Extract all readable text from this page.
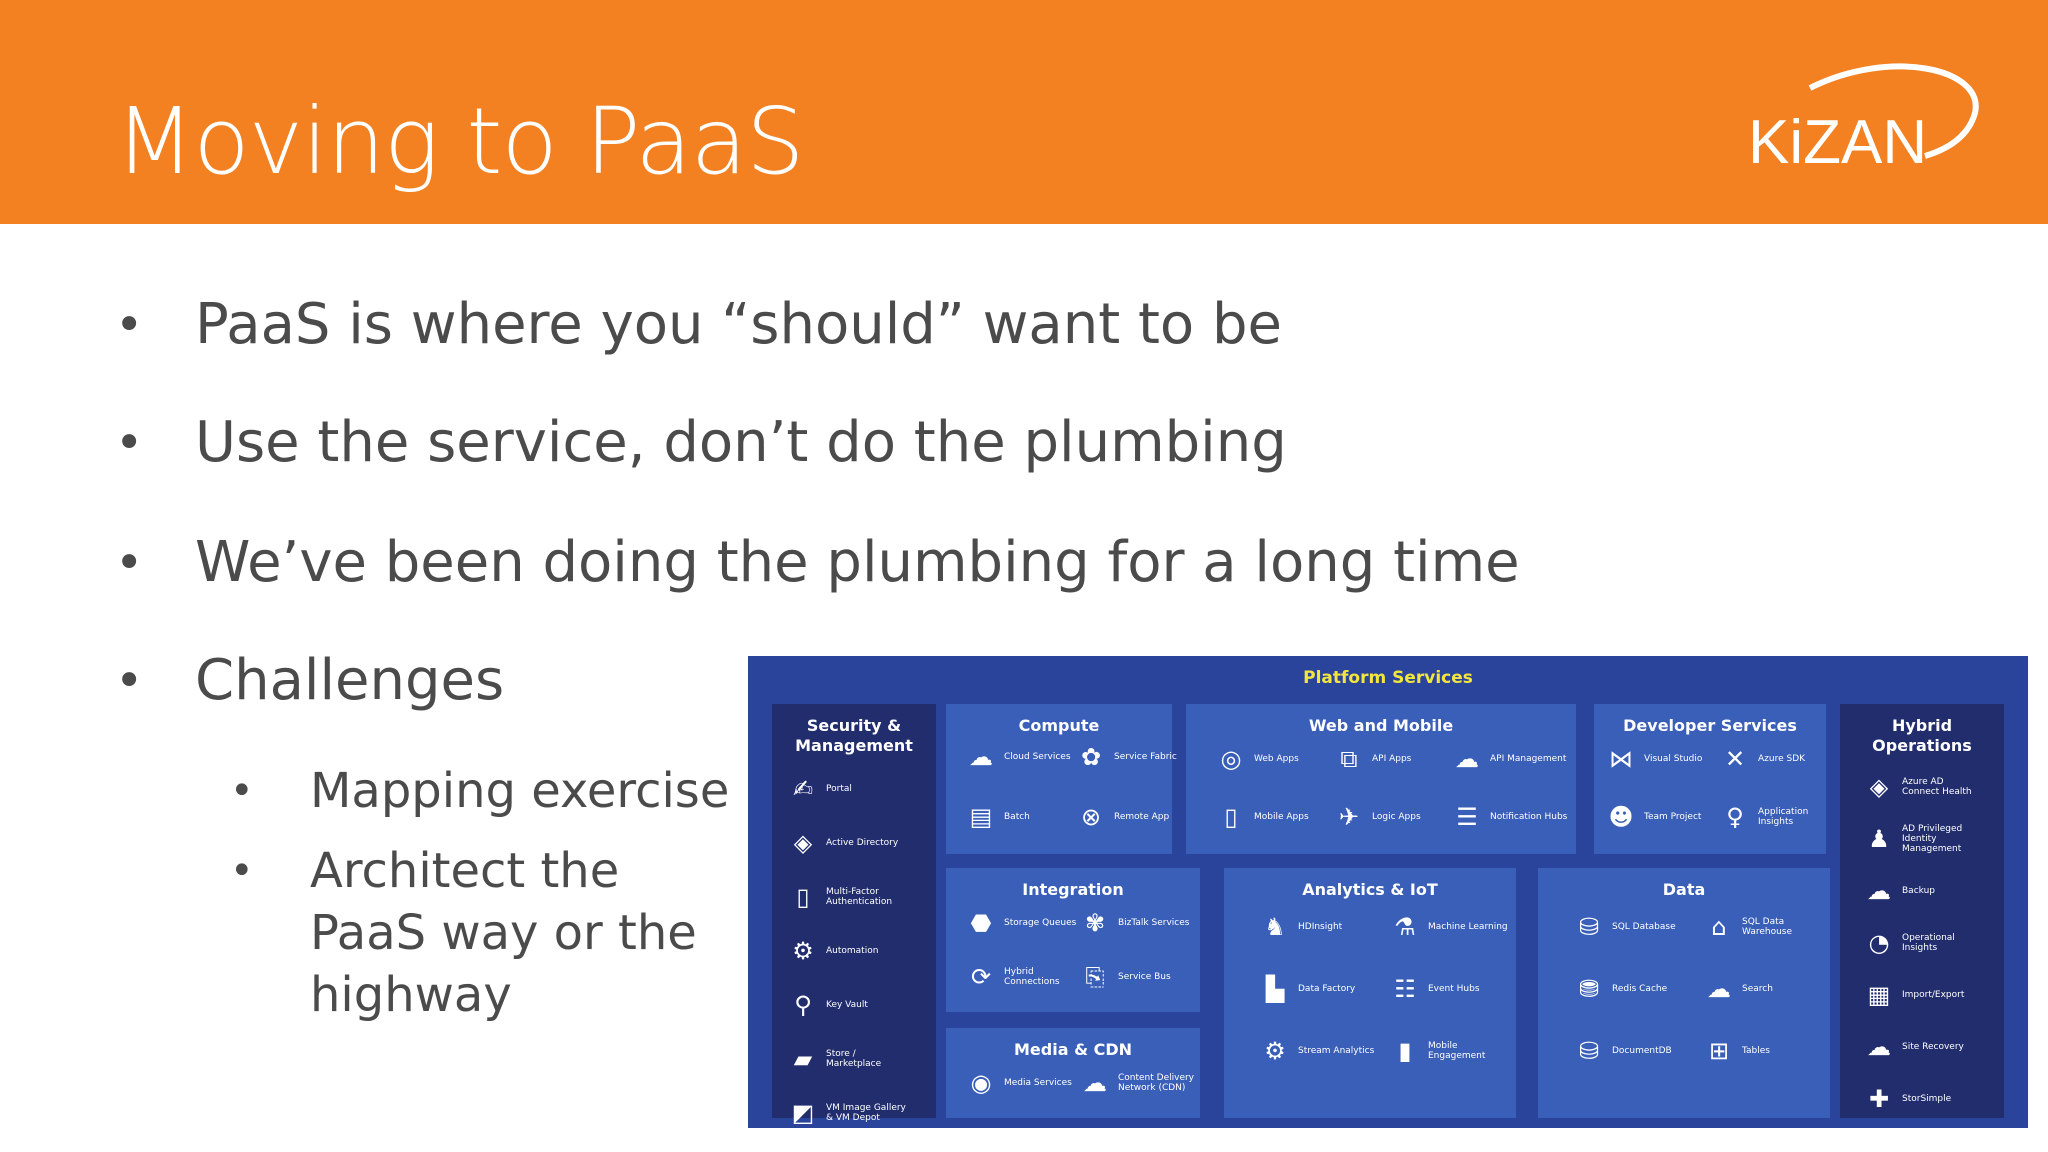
Moving to PaaS	KiZAN
• PaaS is where you “should” want to be
• Use the service, don’t do the plumbing
• We’ve been doing the plumbing for a long time
• Challenges
• Mapping exercise
• Architect the PaaS way or the highway
Platform Services
Security & Management
✍	Portal
◈	Active Directory
▯	Multi-Factor Authentication
⚙	Automation
⚲	Key Vault
▰	Store / Marketplace
◩	VM Image Gallery & VM Depot
Compute
☁	Cloud Services ✿	Service Fabric
▤	Batch	⊗	Remote App
Web and Mobile
◎	Web Apps	⧉	API Apps	☁	API Management
▯	Mobile Apps	✈	Logic Apps	☰	Notification Hubs
Developer Services
⋈	Visual Studio ✕	Azure SDK
☻ Team Project	♀	Application Insights
Hybrid Operations
◈	Azure AD Connect Health
♟	AD Privileged Identity Management
☁	Backup
◔	Operational Insights
▦	Import/Export
☁	Site Recovery
✚	StorSimple
Integration
⬣	Storage Queues ✾	BizTalk Services
⟳	Hybrid Connections	⎘	Service Bus
Media & CDN
◉	Media Services ☁	Content Delivery Network (CDN)
Analytics & IoT
♞	HDInsight	⚗	Machine Learning
▙	Data Factory	☷	Event Hubs
⚙	Stream Analytics	▮	Mobile Engagement
Data
⛁	SQL Database	⌂	SQL Data Warehouse
⛃	Redis Cache	☁	Search
⛁	DocumentDB	⊞	Tables
